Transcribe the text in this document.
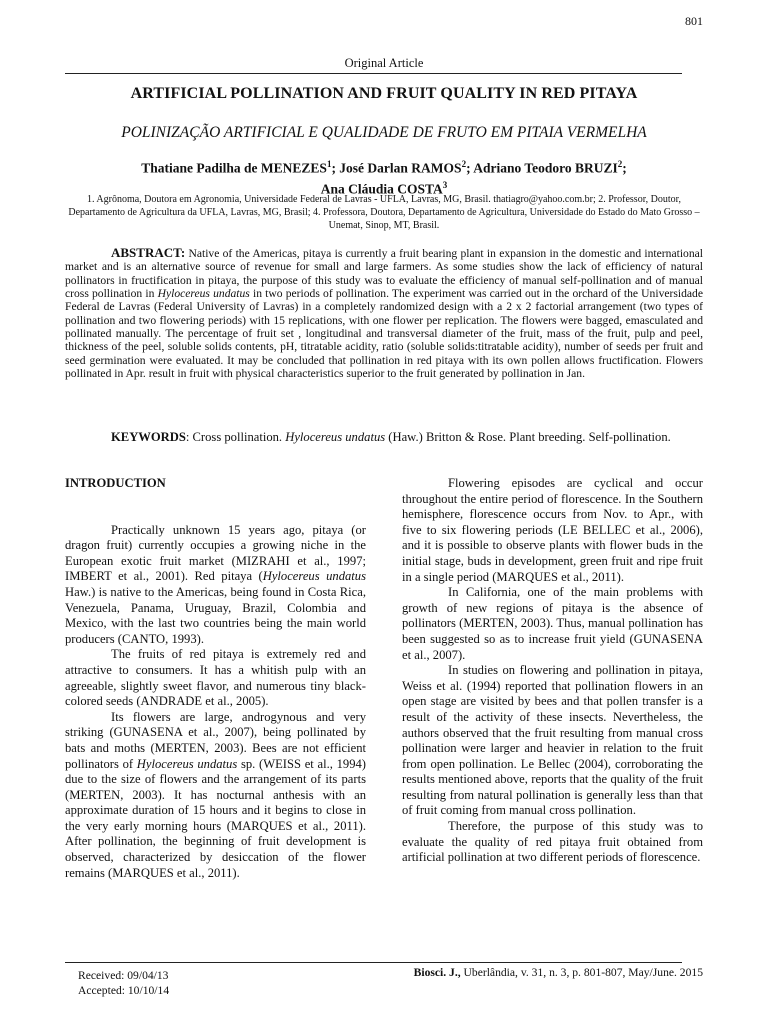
801
Original Article
ARTIFICIAL POLLINATION AND FRUIT QUALITY IN RED PITAYA
POLINIZAÇÃO ARTIFICIAL E QUALIDADE DE FRUTO EM PITAIA VERMELHA
Thatiane Padilha de MENEZES$^1$; José Darlan RAMOS$^2$; Adriano Teodoro BRUZI$^2$;
Ana Cláudia COSTA$^3$
1. Agrônoma, Doutora em Agronomia, Universidade Federal de Lavras - UFLA, Lavras, MG, Brasil. thatiagro@yahoo.com.br; 2. Professor, Doutor, Departamento de Agricultura da UFLA, Lavras, MG, Brasil; 4. Professora, Doutora, Departamento de Agricultura, Universidade do Estado do Mato Grosso – Unemat, Sinop, MT, Brasil.

ABSTRACT: Native of the Americas, pitaya is currently a fruit bearing plant in expansion in the domestic and international market and is an alternative source of revenue for small and large farmers. As some studies show the lack of efficiency of natural pollinators in fructification in pitaya, the purpose of this study was to evaluate the efficiency of manual self-pollination and of manual cross pollination in Hylocereus undatus in two periods of pollination. The experiment was carried out in the orchard of the Universidade Federal de Lavras (Federal University of Lavras) in a completely randomized design with a 2 x 2 factorial arrangement (two types of pollination and two flowering periods) with 15 replications, with one flower per replication. The flowers were bagged, emasculated and pollinated manually. The percentage of fruit set , longitudinal and transversal diameter of the fruit, mass of the fruit, pulp and peel, thickness of the peel, soluble solids contents, pH, titratable acidity, ratio (soluble solids:titratable acidity), number of seeds per fruit and seed germination were evaluated. It may be concluded that pollination in red pitaya with its own pollen allows fructification. Flowers pollinated in Apr. result in fruit with physical characteristics superior to the fruit generated by pollination in Jan.

KEYWORDS: Cross pollination. Hylocereus undatus (Haw.) Britton & Rose. Plant breeding. Self-pollination.

INTRODUCTION

Practically unknown 15 years ago, pitaya (or dragon fruit) currently occupies a growing niche in the European exotic fruit market (MIZRAHI et al., 1997; IMBERT et al., 2001). Red pitaya (Hylocereus undatus Haw.) is native to the Americas, being found in Costa Rica, Venezuela, Panama, Uruguay, Brazil, Colombia and Mexico, with the last two countries being the main world producers (CANTO, 1993).

The fruits of red pitaya is extremely red and attractive to consumers. It has a whitish pulp with an agreeable, slightly sweet flavor, and numerous tiny black-colored seeds (ANDRADE et al., 2005).

Its flowers are large, androgynous and very striking (GUNASENA et al., 2007), being pollinated by bats and moths (MERTEN, 2003). Bees are not efficient pollinators of Hylocereus undatus sp. (WEISS et al., 1994) due to the size of flowers and the arrangement of its parts (MERTEN, 2003). It has nocturnal anthesis with an approximate duration of 15 hours and it begins to close in the very early morning hours (MARQUES et al., 2011). After pollination, the beginning of fruit development is observed, characterized by desiccation of the flower remains (MARQUES et al., 2011).

Flowering episodes are cyclical and occur throughout the entire period of florescence. In the Southern hemisphere, florescence occurs from Nov. to Apr., with five to six flowering periods (LE BELLEC et al., 2006), and it is possible to observe plants with flower buds in the initial stage, buds in development, green fruit and ripe fruit in a single period (MARQUES et al., 2011).

In California, one of the main problems with growth of new regions of pitaya is the absence of pollinators (MERTEN, 2003). Thus, manual pollination has been suggested so as to increase fruit yield (GUNASENA et al., 2007).

In studies on flowering and pollination in pitaya, Weiss et al. (1994) reported that pollination flowers in an open stage are visited by bees and that pollen transfer is a result of the activity of these insects. Nevertheless, the authors observed that the fruit resulting from manual cross pollination were larger and heavier in relation to the fruit from open pollination. Le Bellec (2004), corroborating the results mentioned above, reports that the quality of the fruit resulting from natural pollination is generally less than that of fruit coming from manual cross pollination.

Therefore, the purpose of this study was to evaluate the quality of red pitaya fruit obtained from artificial pollination at two different periods of florescence.

Received: 09/04/13
Accepted: 10/10/14
Biosci. J., Uberlândia, v. 31, n. 3, p. 801-807, May/June. 2015
